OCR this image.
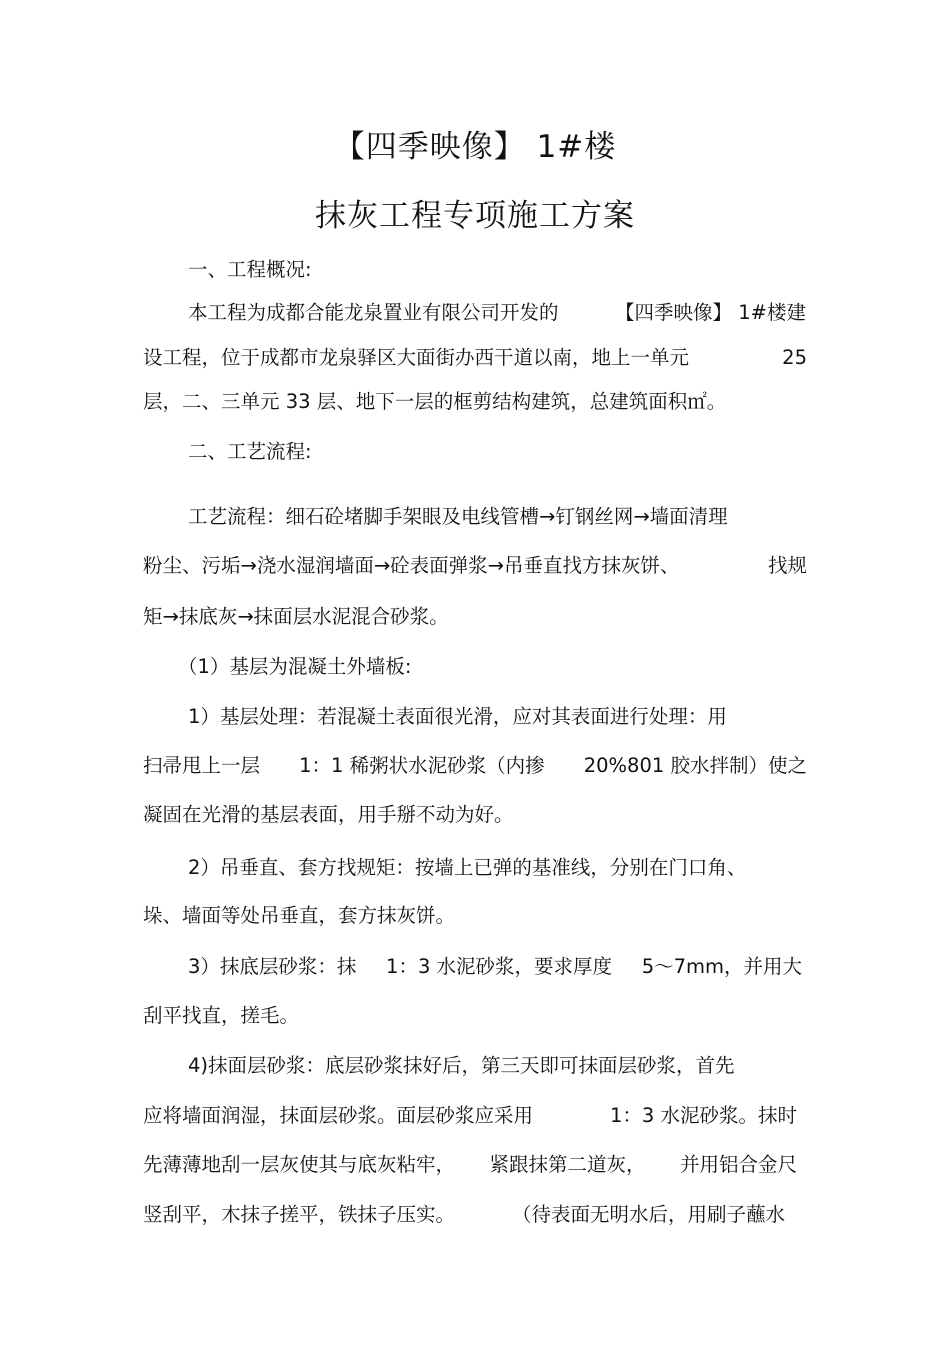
【四季映像】 1#楼
抹灰工程专项施工方案
一、工程概况:
本工程为成都合能龙泉置业有限公司开发的	【四季映像】 1#楼建
设工程，位于成都市龙泉驿区大面街办西干道以南，地上一单元	25
层，二、三单元 33 层、地下一层的框剪结构建筑，总建筑面积㎡。
二、工艺流程:
工艺流程：细石砼堵脚手架眼及电线管槽→钉钢丝网→墙面清理
粉尘、污垢→浇水湿润墙面→砼表面弹浆→吊垂直找方抹灰饼、	找规
矩→抹底灰→抹面层水泥混合砂浆。
（1）基层为混凝土外墙板:
1）基层处理：若混凝土表面很光滑，应对其表面进行处理：用
扫帚甩上一层 1：1 稀粥状水泥砂浆（内掺 20%801 胶水拌制）使之
凝固在光滑的基层表面，用手掰不动为好。
2）吊垂直、套方找规矩：按墙上已弹的基准线，分别在门口角、
垛、墙面等处吊垂直，套方抹灰饼。
3）抹底层砂浆：抹 1：3 水泥砂浆，要求厚度 5～7mm，并用大
刮平找直，搓毛。
4)抹面层砂浆：底层砂浆抹好后，第三天即可抹面层砂浆，首先
应将墙面润湿，抹面层砂浆。面层砂浆应采用	1：3 水泥砂浆。抹时
先薄薄地刮一层灰使其与底灰粘牢， 紧跟抹第二道灰， 并用铝合金尺
竖刮平，木抹子搓平，铁抹子压实。	（待表面无明水后，用刷子蘸水
